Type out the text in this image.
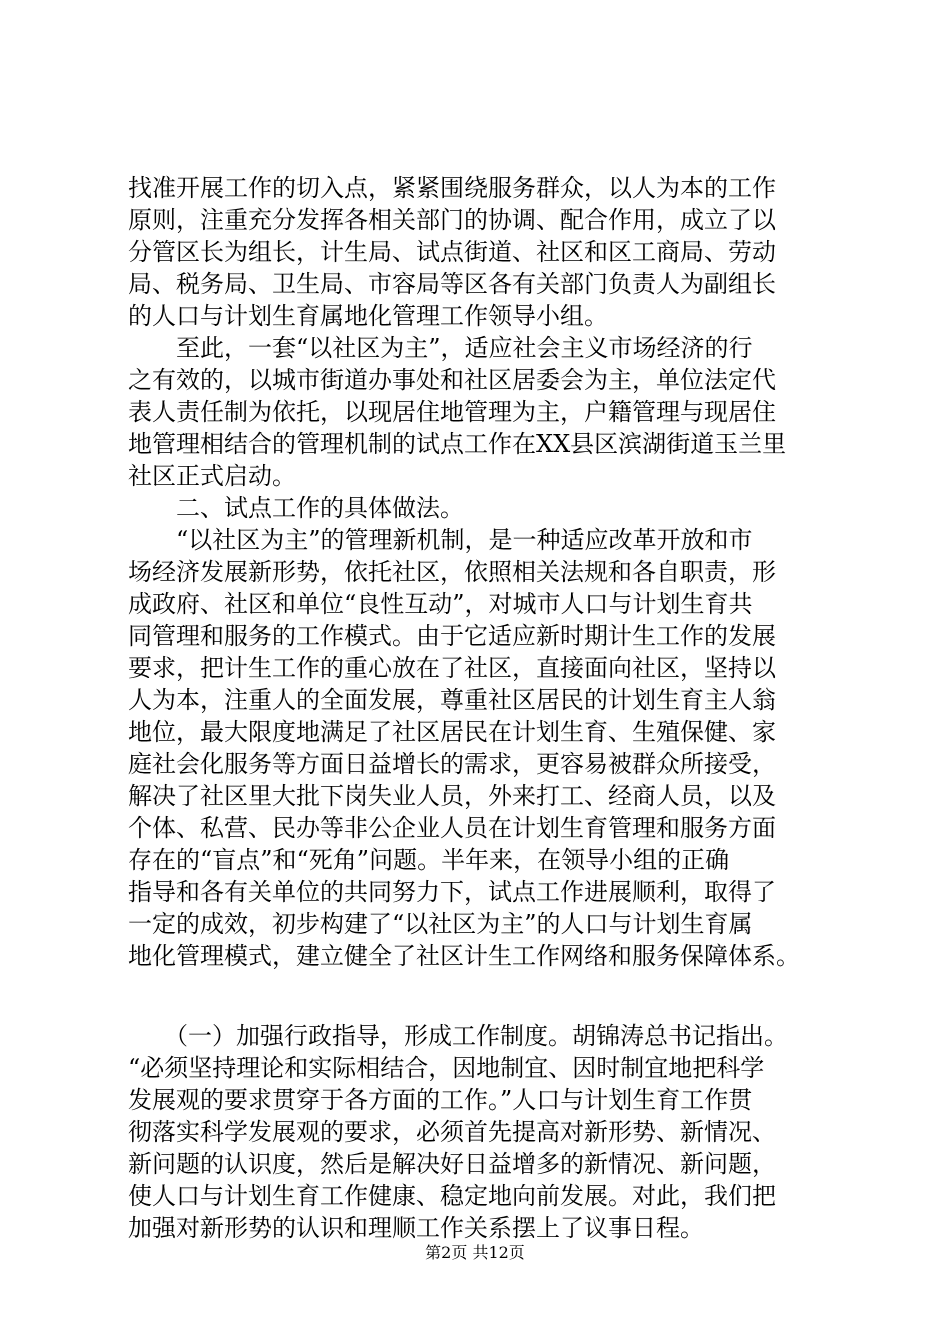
找准开展工作的切入点，紧紧围绕服务群众，以人为本的工作
原则，注重充分发挥各相关部门的协调、配合作用，成立了以
分管区长为组长，计生局、试点街道、社区和区工商局、劳动
局、税务局、卫生局、市容局等区各有关部门负责人为副组长
的人口与计划生育属地化管理工作领导小组。
　　至此，一套“以社区为主”，适应社会主义市场经济的行
之有效的，以城市街道办事处和社区居委会为主，单位法定代
表人责任制为依托，以现居住地管理为主，户籍管理与现居住
地管理相结合的管理机制的试点工作在XX县区滨湖街道玉兰里
社区正式启动。
　　二、试点工作的具体做法。
　　“以社区为主”的管理新机制，是一种适应改革开放和市
场经济发展新形势，依托社区，依照相关法规和各自职责，形
成政府、社区和单位“良性互动”，对城市人口与计划生育共
同管理和服务的工作模式。由于它适应新时期计生工作的发展
要求，把计生工作的重心放在了社区，直接面向社区，坚持以
人为本，注重人的全面发展，尊重社区居民的计划生育主人翁
地位，最大限度地满足了社区居民在计划生育、生殖保健、家
庭社会化服务等方面日益增长的需求，更容易被群众所接受，
解决了社区里大批下岗失业人员，外来打工、经商人员，以及
个体、私营、民办等非公企业人员在计划生育管理和服务方面
存在的“盲点”和“死角”问题。半年来，在领导小组的正确
指导和各有关单位的共同努力下，试点工作进展顺利，取得了
一定的成效，初步构建了“以社区为主”的人口与计划生育属
地化管理模式，建立健全了社区计生工作网络和服务保障体系。
　　（一）加强行政指导，形成工作制度。胡锦涛总书记指出。
“必须坚持理论和实际相结合，因地制宜、因时制宜地把科学
发展观的要求贯穿于各方面的工作。”人口与计划生育工作贯
彻落实科学发展观的要求，必须首先提高对新形势、新情况、
新问题的认识度，然后是解决好日益增多的新情况、新问题，
使人口与计划生育工作健康、稳定地向前发展。对此，我们把
加强对新形势的认识和理顺工作关系摆上了议事日程。
第2页 共12页
